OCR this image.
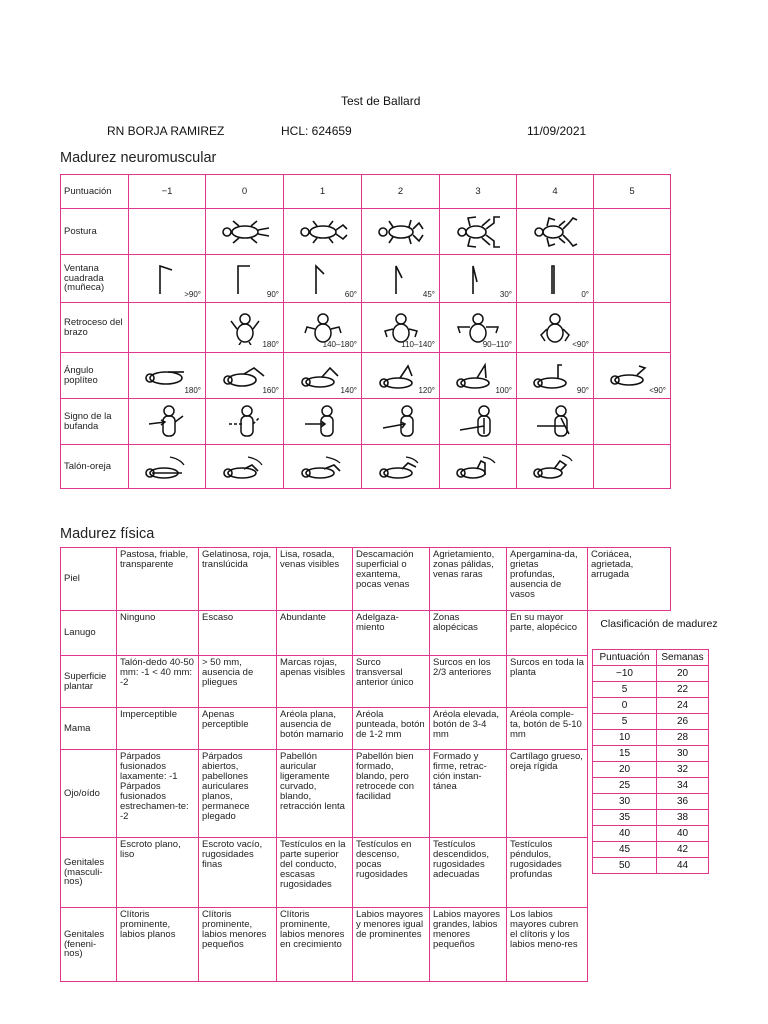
Test de Ballard
RN BORJA RAMIREZ	HCL: 624659	11/09/2021
Madurez neuromuscular
Puntuación	−1	0	1	2	3	4	5
Postura		

Ventana cuadrada (muñeca)	>90°	90°	60°	45°	30°	0°	

Retroceso del brazo		180°	140–180°	110–140°	90–110°	<90°	

Ángulo poplíteo	180°	160°	140°	120°	100°	90°	<90°

Signo de la bufanda	

Talón-oreja	

Madurez física
Piel	Pastosa, friable, transparente	Gelatinosa, roja, translúcida	Lisa, rosada, venas visibles	Descamación superficial o exantema, pocas venas	Agrietamiento, zonas pálidas, venas raras	Apergamina-da, grietas profundas, ausencia de vasos	Coriácea, agrietada, arrugada
Lanugo	Ninguno	Escaso	Abundante	Adelgaza-miento	Zonas alopécicas	En su mayor parte, alopécico	
Superficie plantar	Talón-dedo 40-50 mm: -1 < 40 mm: -2	> 50 mm, ausencia de pliegues	Marcas rojas, apenas visibles	Surco transversal anterior único	Surcos en los 2/3 anteriores	Surcos en toda la planta	
Mama	Imperceptible	Apenas perceptible	Aréola plana, ausencia de botón mamario	Aréola punteada, botón de 1-2 mm	Aréola elevada, botón de 3-4 mm	Aréola comple-ta, botón de 5-10 mm	
Ojo/oído	Párpados fusionados laxamente: -1 Párpados fusionados estrechamen-te: -2	Párpados abiertos, pabellones auriculares planos, permanece plegado	Pabellón auricular ligeramente curvado, blando, retracción lenta	Pabellón bien formado, blando, pero retrocede con facilidad	Formado y firme, retrac-ción instan-tánea	Cartílago grueso, oreja rígida	
Genitales (masculi-nos)	Escroto plano, liso	Escroto vacío, rugosidades finas	Testículos en la parte superior del conducto, escasas rugosidades	Testículos en descenso, pocas rugosidades	Testículos descendidos, rugosidades adecuadas	Testículos péndulos, rugosidades profundas	
Genitales (feneni-nos)	Clítoris prominente, labios planos	Clítoris prominente, labios menores pequeños	Clítoris prominente, labios menores en crecimiento	Labios mayores y menores igual de prominentes	Labios mayores grandes, labios menores pequeños	Los labios mayores cubren el clítoris y los labios meno-res	
Clasificación de madurez
Puntuación	Semanas
−10	20
5	22
0	24
5	26
10	28
15	30
20	32
25	34
30	36
35	38
40	40
45	42
50	44
